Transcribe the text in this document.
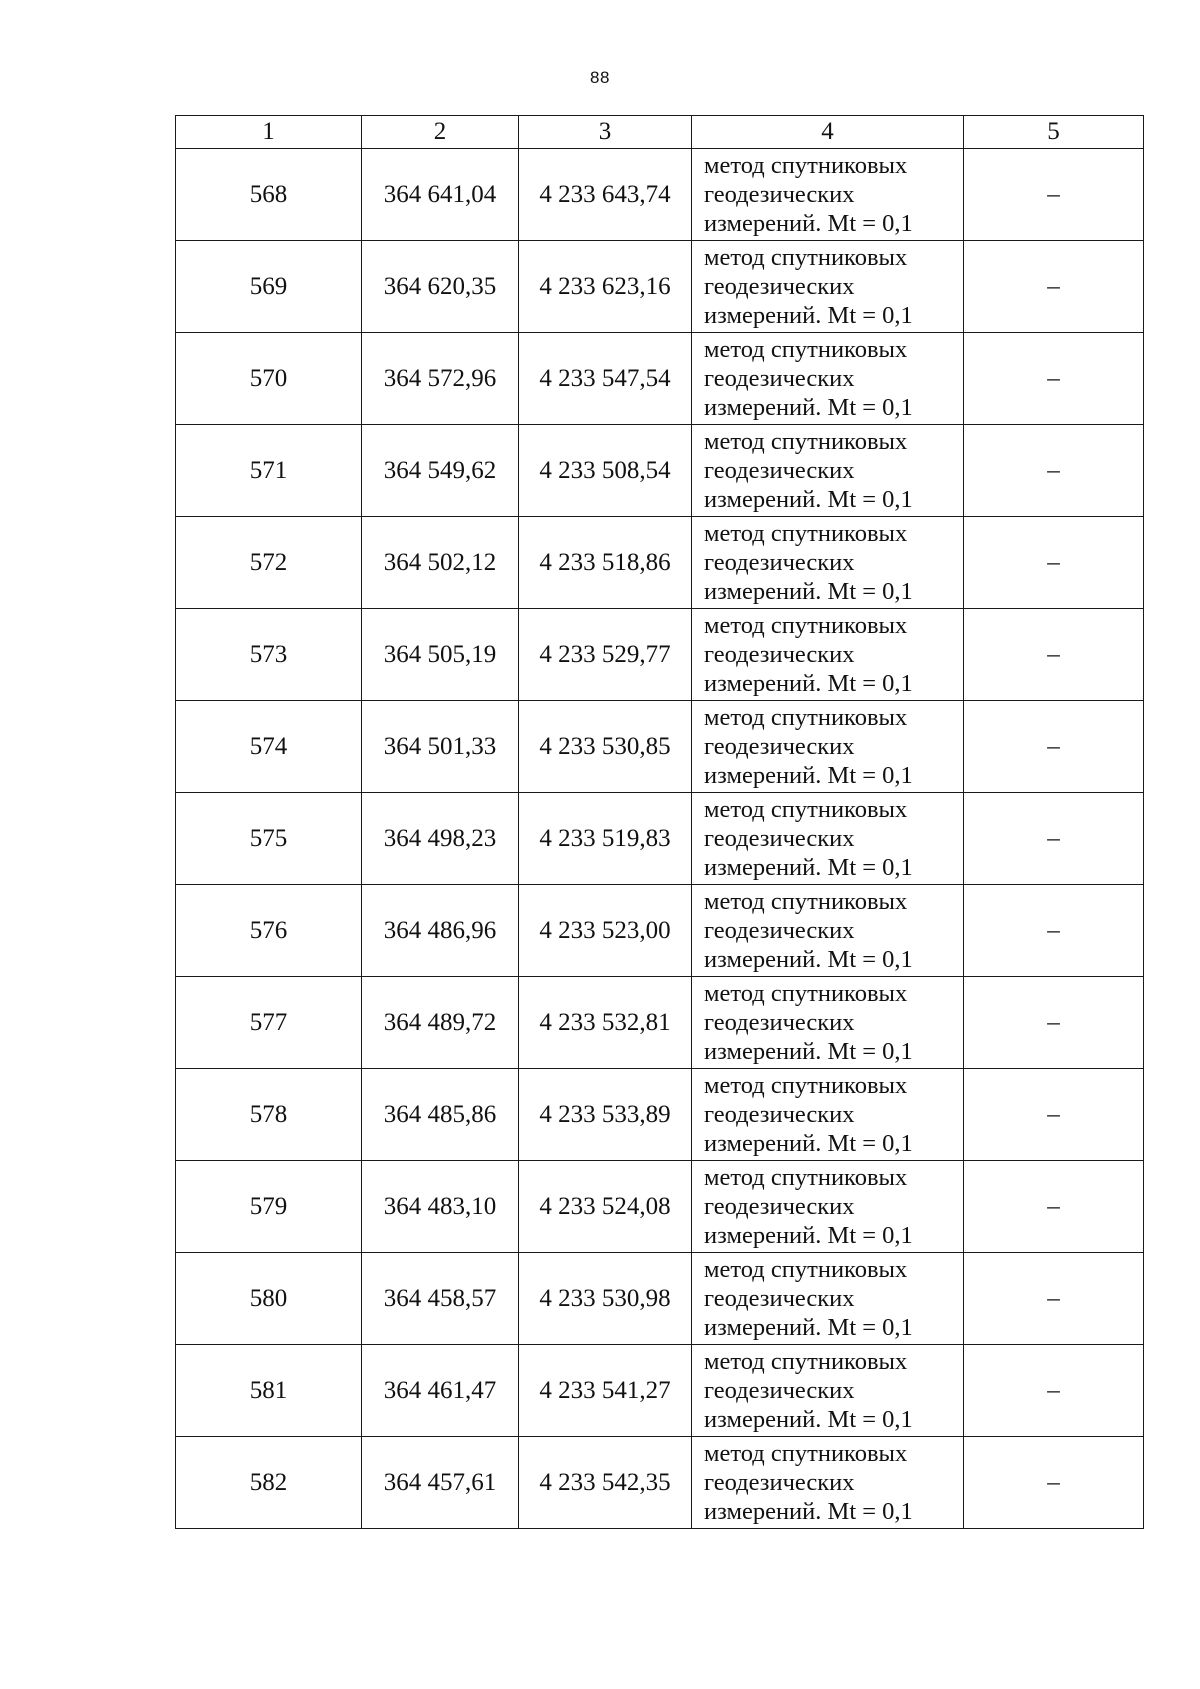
88
1	2	3	4	5
568	364 641,04	4 233 643,74	метод спутниковых
геодезических
измерений. Mt = 0,1	–
569	364 620,35	4 233 623,16	метод спутниковых
геодезических
измерений. Mt = 0,1	–
570	364 572,96	4 233 547,54	метод спутниковых
геодезических
измерений. Mt = 0,1	–
571	364 549,62	4 233 508,54	метод спутниковых
геодезических
измерений. Mt = 0,1	–
572	364 502,12	4 233 518,86	метод спутниковых
геодезических
измерений. Mt = 0,1	–
573	364 505,19	4 233 529,77	метод спутниковых
геодезических
измерений. Mt = 0,1	–
574	364 501,33	4 233 530,85	метод спутниковых
геодезических
измерений. Mt = 0,1	–
575	364 498,23	4 233 519,83	метод спутниковых
геодезических
измерений. Mt = 0,1	–
576	364 486,96	4 233 523,00	метод спутниковых
геодезических
измерений. Mt = 0,1	–
577	364 489,72	4 233 532,81	метод спутниковых
геодезических
измерений. Mt = 0,1	–
578	364 485,86	4 233 533,89	метод спутниковых
геодезических
измерений. Mt = 0,1	–
579	364 483,10	4 233 524,08	метод спутниковых
геодезических
измерений. Mt = 0,1	–
580	364 458,57	4 233 530,98	метод спутниковых
геодезических
измерений. Mt = 0,1	–
581	364 461,47	4 233 541,27	метод спутниковых
геодезических
измерений. Mt = 0,1	–
582	364 457,61	4 233 542,35	метод спутниковых
геодезических
измерений. Mt = 0,1	–
